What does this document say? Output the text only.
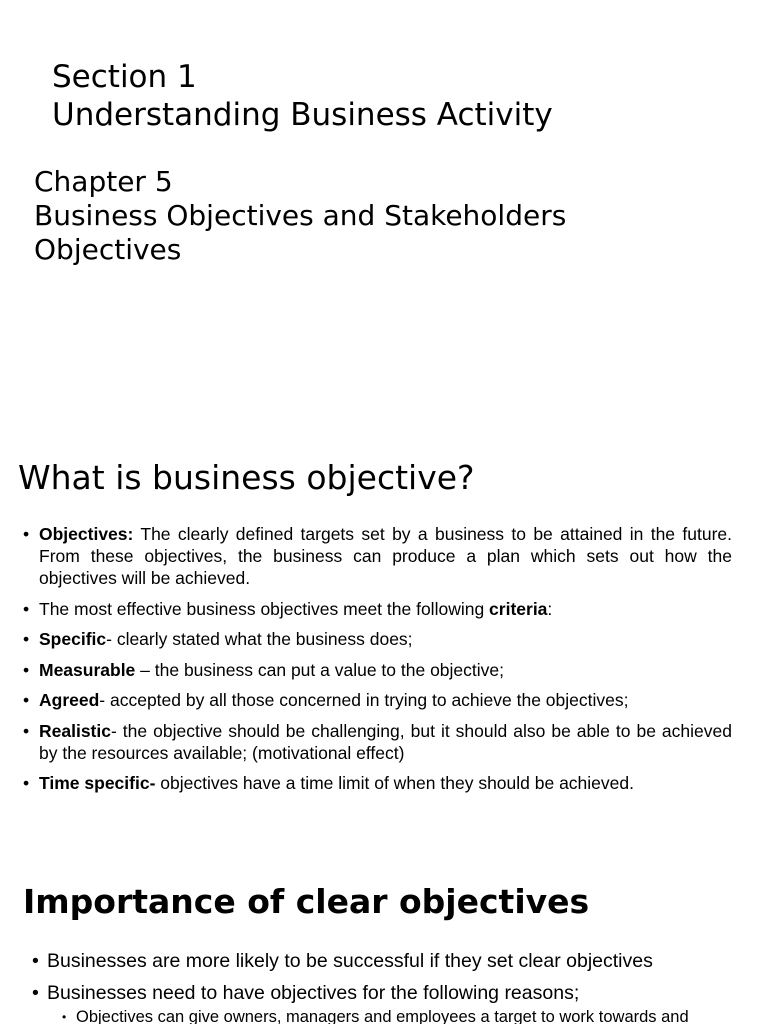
Section 1
Understanding Business Activity
Chapter 5
Business Objectives and Stakeholders
Objectives
What is business objective?
• Objectives: The clearly defined targets set by a business to be attained in the future. From these objectives, the business can produce a plan which sets out how the objectives will be achieved.
• The most effective business objectives meet the following criteria:
• Specific- clearly stated what the business does;
• Measurable – the business can put a value to the objective;
• Agreed- accepted by all those concerned in trying to achieve the objectives;
• Realistic- the objective should be challenging, but it should also be able to be achieved by the resources available; (motivational effect)
• Time specific- objectives have a time limit of when they should be achieved.
Importance of clear objectives
• Businesses are more likely to be successful if they set clear objectives
• Businesses need to have objectives for the following reasons;
• Objectives can give owners, managers and employees a target to work towards and
